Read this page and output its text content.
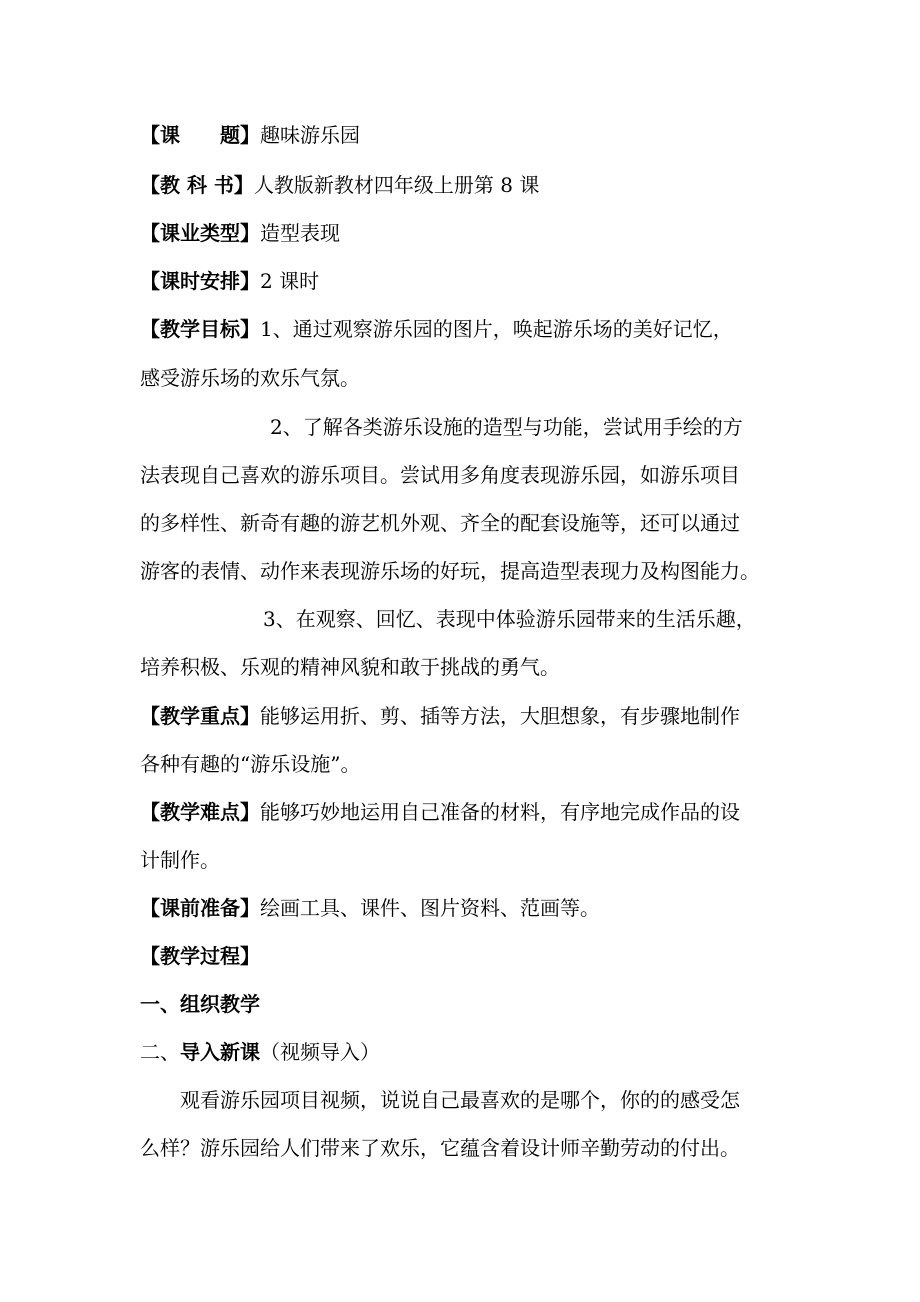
【课　　题】趣味游乐园
【教 科 书】人教版新教材四年级上册第 8 课
【课业类型】造型表现
【课时安排】2 课时
【教学目标】1、通过观察游乐园的图片，唤起游乐场的美好记忆，
感受游乐场的欢乐气氛。
2、了解各类游乐设施的造型与功能，尝试用手绘的方
法表现自己喜欢的游乐项目。尝试用多角度表现游乐园，如游乐项目
的多样性、新奇有趣的游艺机外观、齐全的配套设施等，还可以通过
游客的表情、动作来表现游乐场的好玩，提高造型表现力及构图能力。
3、在观察、回忆、表现中体验游乐园带来的生活乐趣，
培养积极、乐观的精神风貌和敢于挑战的勇气。
【教学重点】能够运用折、剪、插等方法，大胆想象，有步骤地制作
各种有趣的“游乐设施”。
【教学难点】能够巧妙地运用自己准备的材料，有序地完成作品的设
计制作。
【课前准备】绘画工具、课件、图片资料、范画等。
【教学过程】
一、组织教学
二、导入新课（视频导入）
观看游乐园项目视频，说说自己最喜欢的是哪个，你的的感受怎
么样？游乐园给人们带来了欢乐，它蕴含着设计师辛勤劳动的付出。
